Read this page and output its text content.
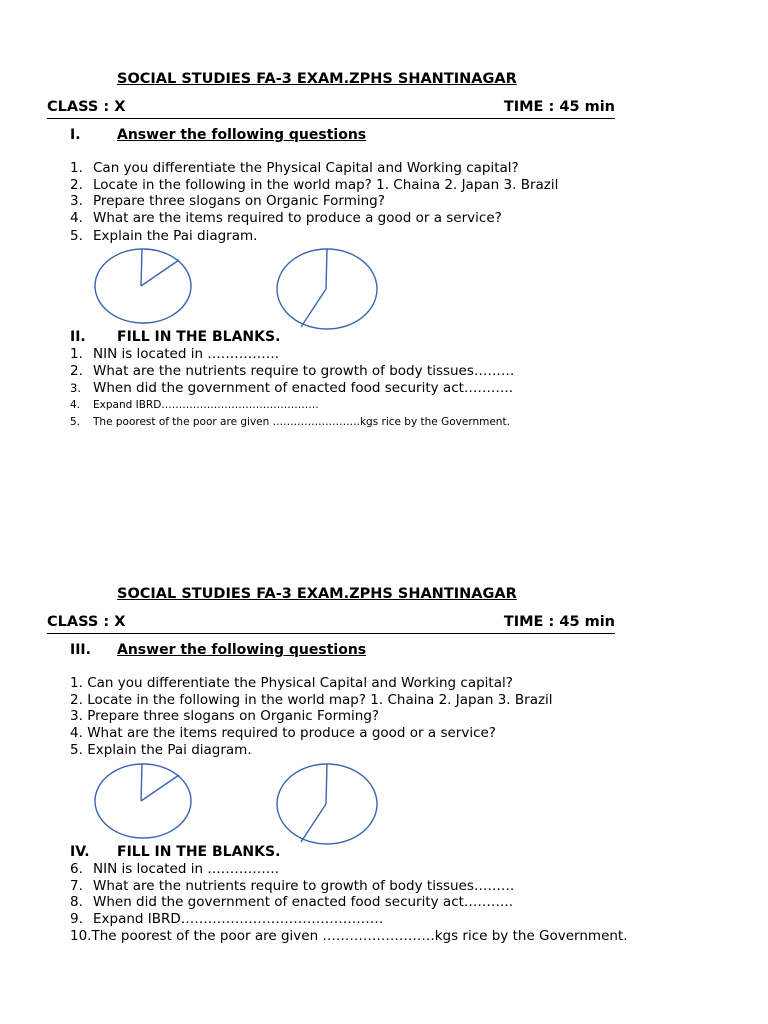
SOCIAL STUDIES FA-3 EXAM.ZPHS SHANTINAGAR
CLASS : X	TIME : 45 min
I.	Answer the following questions
1. Can you differentiate the Physical Capital and Working capital?
2. Locate in the following in the world map? 1. Chaina 2. Japan 3. Brazil
3. Prepare three slogans on Organic Forming?
4. What are the items required to produce a good or a service?
5. Explain the Pai diagram.
II. FILL IN THE BLANKS.
1. NIN is located in …………….
2. What are the nutrients require to growth of body tissues………
3. When did the government of enacted food security act………..
4. Expand IBRD………………………………………
5. The poorest of the poor are given …………………….kgs rice by the Government.
SOCIAL STUDIES FA-3 EXAM.ZPHS SHANTINAGAR
CLASS : X	TIME : 45 min
III. Answer the following questions
1. Can you differentiate the Physical Capital and Working capital?
2. Locate in the following in the world map? 1. Chaina 2. Japan 3. Brazil
3. Prepare three slogans on Organic Forming?
4. What are the items required to produce a good or a service?
5. Explain the Pai diagram.
IV. FILL IN THE BLANKS.
6. NIN is located in …………….
7. What are the nutrients require to growth of body tissues………
8. When did the government of enacted food security act………..
9. Expand IBRD………………………………………
10.The poorest of the poor are given …………………….kgs rice by the Government.
